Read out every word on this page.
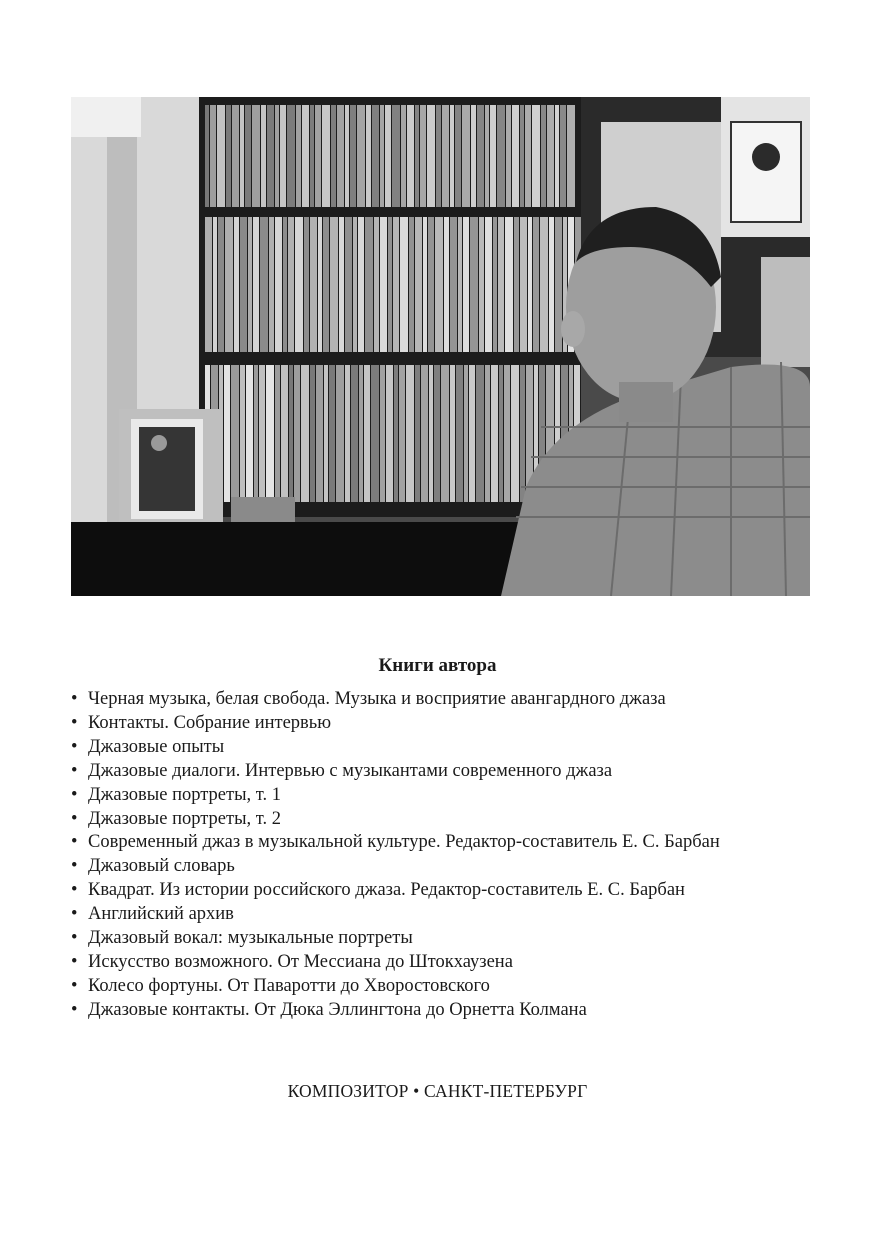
Книги автора
• Черная музыка, белая свобода. Музыка и восприятие авангардного джаза
• Контакты. Собрание интервью
• Джазовые опыты
• Джазовые диалоги. Интервью с музыкантами современного джаза
• Джазовые портреты, т. 1
• Джазовые портреты, т. 2
• Современный джаз в музыкальной культуре. Редактор-составитель Е. С. Барбан
• Джазовый словарь
• Квадрат. Из истории российского джаза. Редактор-составитель Е. С. Барбан
• Английский архив
• Джазовый вокал: музыкальные портреты
• Искусство возможного. От Мессиана до Штокхаузена
• Колесо фортуны. От Паваротти до Хворостовского
• Джазовые контакты. От Дюка Эллингтона до Орнетта Колмана
КОМПОЗИТОР • САНКТ-ПЕТЕРБУРГ
